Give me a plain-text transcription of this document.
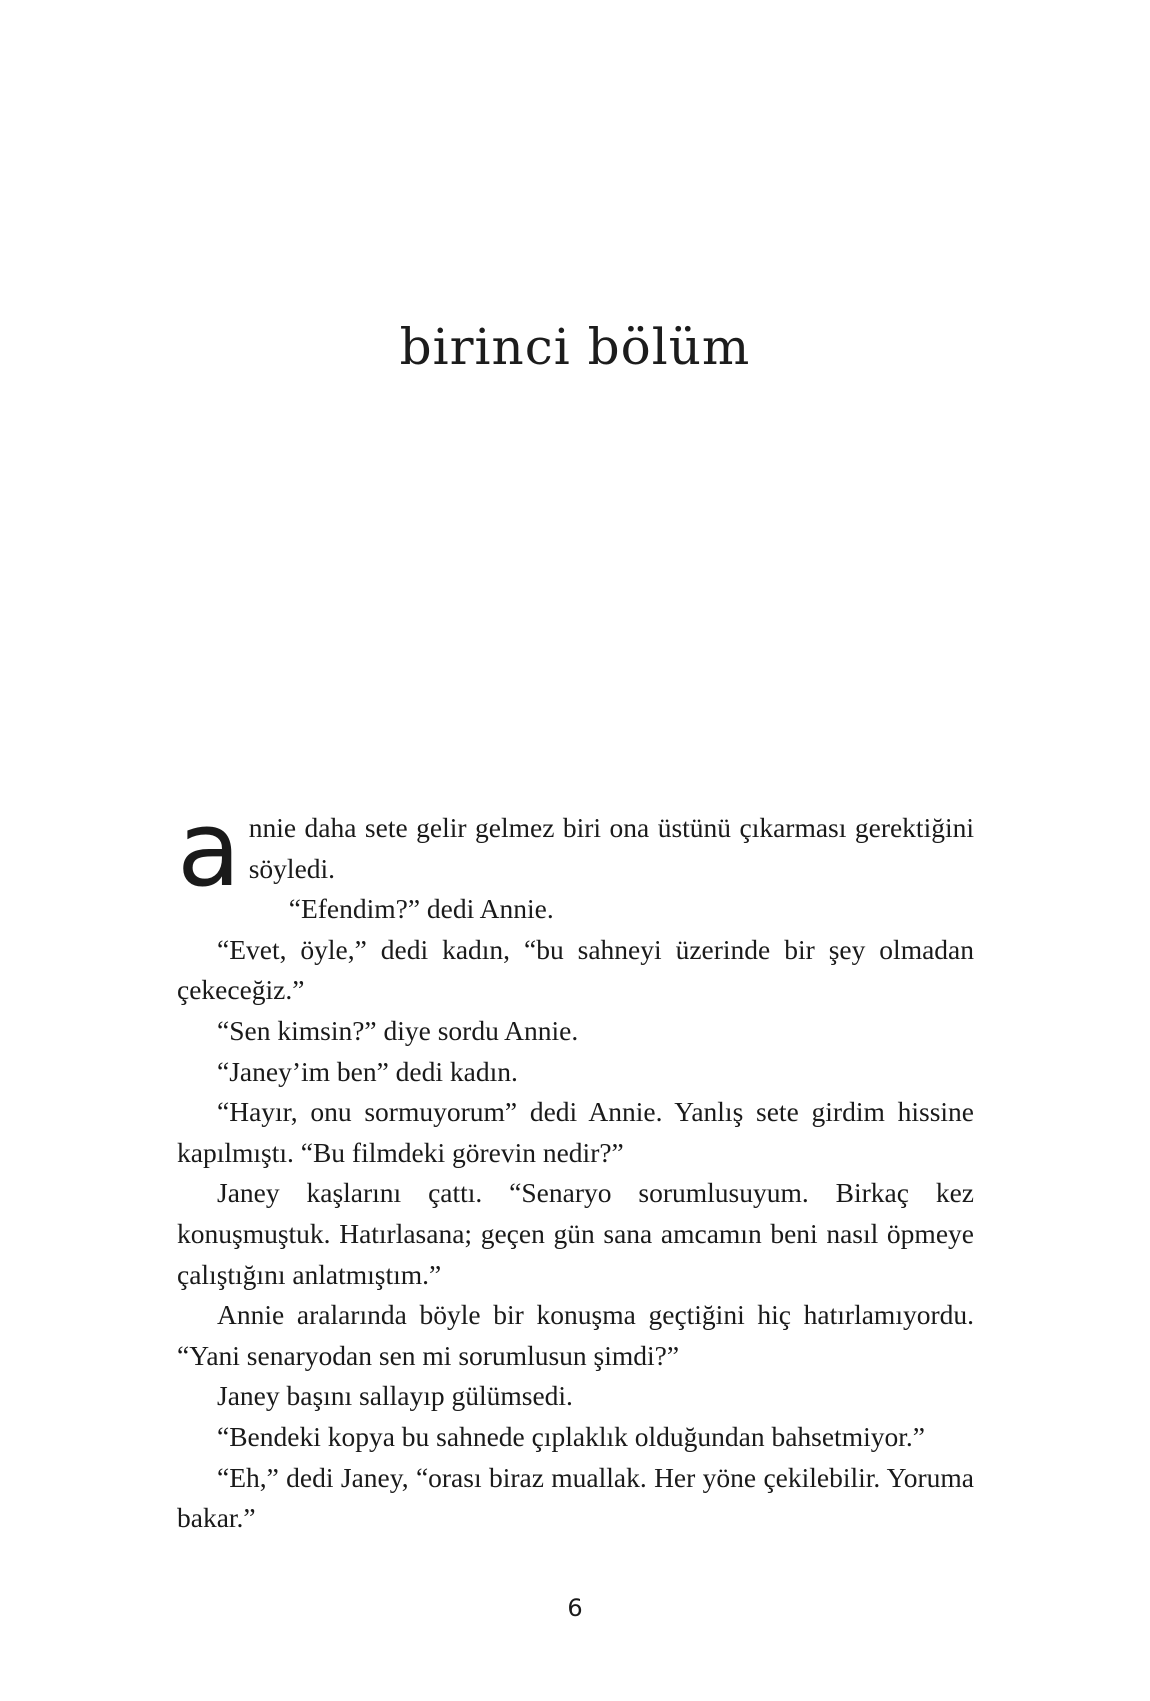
birinci bölüm

annie daha sete gelir gelmez biri ona üstünü çıkarması gerektiğini söyledi.

“Efendim?” dedi Annie.

“Evet, öyle,” dedi kadın, “bu sahneyi üzerinde bir şey olmadan çekeceğiz.”

“Sen kimsin?” diye sordu Annie.

“Janey’im ben” dedi kadın.

“Hayır, onu sormuyorum” dedi Annie. Yanlış sete girdim hissine kapılmıştı. “Bu filmdeki görevin nedir?”

Janey kaşlarını çattı. “Senaryo sorumlusuyum. Birkaç kez konuşmuştuk. Hatırlasana; geçen gün sana amcamın beni nasıl öpmeye çalıştığını anlatmıştım.”

Annie aralarında böyle bir konuşma geçtiğini hiç hatırlamıyordu. “Yani senaryodan sen mi sorumlusun şimdi?”

Janey başını sallayıp gülümsedi.

“Bendeki kopya bu sahnede çıplaklık olduğundan bahsetmiyor.”

“Eh,” dedi Janey, “orası biraz muallak. Her yöne çekilebilir. Yoruma bakar.”

6
